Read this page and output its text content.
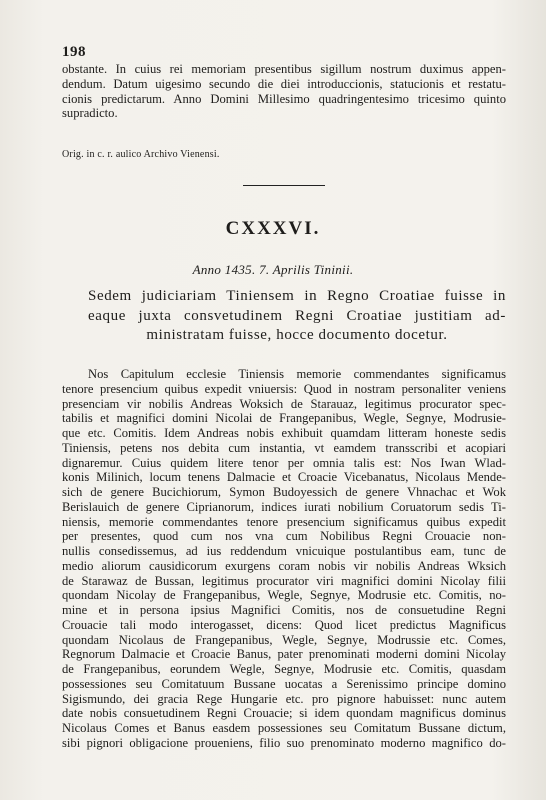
198
obstante. In cuius rei memoriam presentibus sigillum nostrum duximus appen-
dendum. Datum uigesimo secundo die diei introduccionis, statucionis et restatu-
cionis predictarum. Anno Domini Millesimo quadringentesimo tricesimo quinto
supradicto.
Orig. in c. r. aulico Archivo Vienensi.
CXXXVI.
Anno 1435. 7. Aprilis Tininii.
Sedem judiciariam Tiniensem in Regno Croatiae fuisse in
eaque juxta consvetudinem Regni Croatiae justitiam ad-
ministratam fuisse, hocce documento docetur.
Nos Capitulum ecclesie Tiniensis memorie commendantes significamus
tenore presencium quibus expedit vniuersis: Quod in nostram personaliter veniens
presenciam vir nobilis Andreas Woksich de Starauaz, legitimus procurator spec-
tabilis et magnifici domini Nicolai de Frangepanibus, Wegle, Segnye, Modrusie-
que etc. Comitis. Idem Andreas nobis exhibuit quamdam litteram honeste sedis
Tiniensis, petens nos debita cum instantia, vt eamdem transscribi et acopiari
dignaremur. Cuius quidem litere tenor per omnia talis est: Nos Iwan Wlad-
konis Milinich, locum tenens Dalmacie et Croacie Vicebanatus, Nicolaus Mende-
sich de genere Bucichiorum, Symon Budoyessich de genere Vhnachac et Wok
Berislauich de genere Ciprianorum, indices iurati nobilium Coruatorum sedis Ti-
niensis, memorie commendantes tenore presencium significamus quibus expedit
per presentes, quod cum nos vna cum Nobilibus Regni Crouacie non-
nullis consedissemus, ad ius reddendum vnicuique postulantibus eam, tunc de
medio aliorum causidicorum exurgens coram nobis vir nobilis Andreas Wksich
de Starawaz de Bussan, legitimus procurator viri magnifici domini Nicolay filii
quondam Nicolay de Frangepanibus, Wegle, Segnye, Modrusie etc. Comitis, no-
mine et in persona ipsius Magnifici Comitis, nos de consuetudine Regni
Crouacie tali modo interogasset, dicens: Quod licet predictus Magnificus
quondam Nicolaus de Frangepanibus, Wegle, Segnye, Modrussie etc. Comes,
Regnorum Dalmacie et Croacie Banus, pater prenominati moderni domini Nicolay
de Frangepanibus, eorundem Wegle, Segnye, Modrusie etc. Comitis, quasdam
possessiones seu Comitatuum Bussane uocatas a Serenissimo principe domino
Sigismundo, dei gracia Rege Hungarie etc. pro pignore habuisset: nunc autem
date nobis consuetudinem Regni Crouacie; si idem quondam magnificus dominus
Nicolaus Comes et Banus easdem possessiones seu Comitatum Bussane dictum,
sibi pignori obligacione proueniens, filio suo prenominato moderno magnifico do-
